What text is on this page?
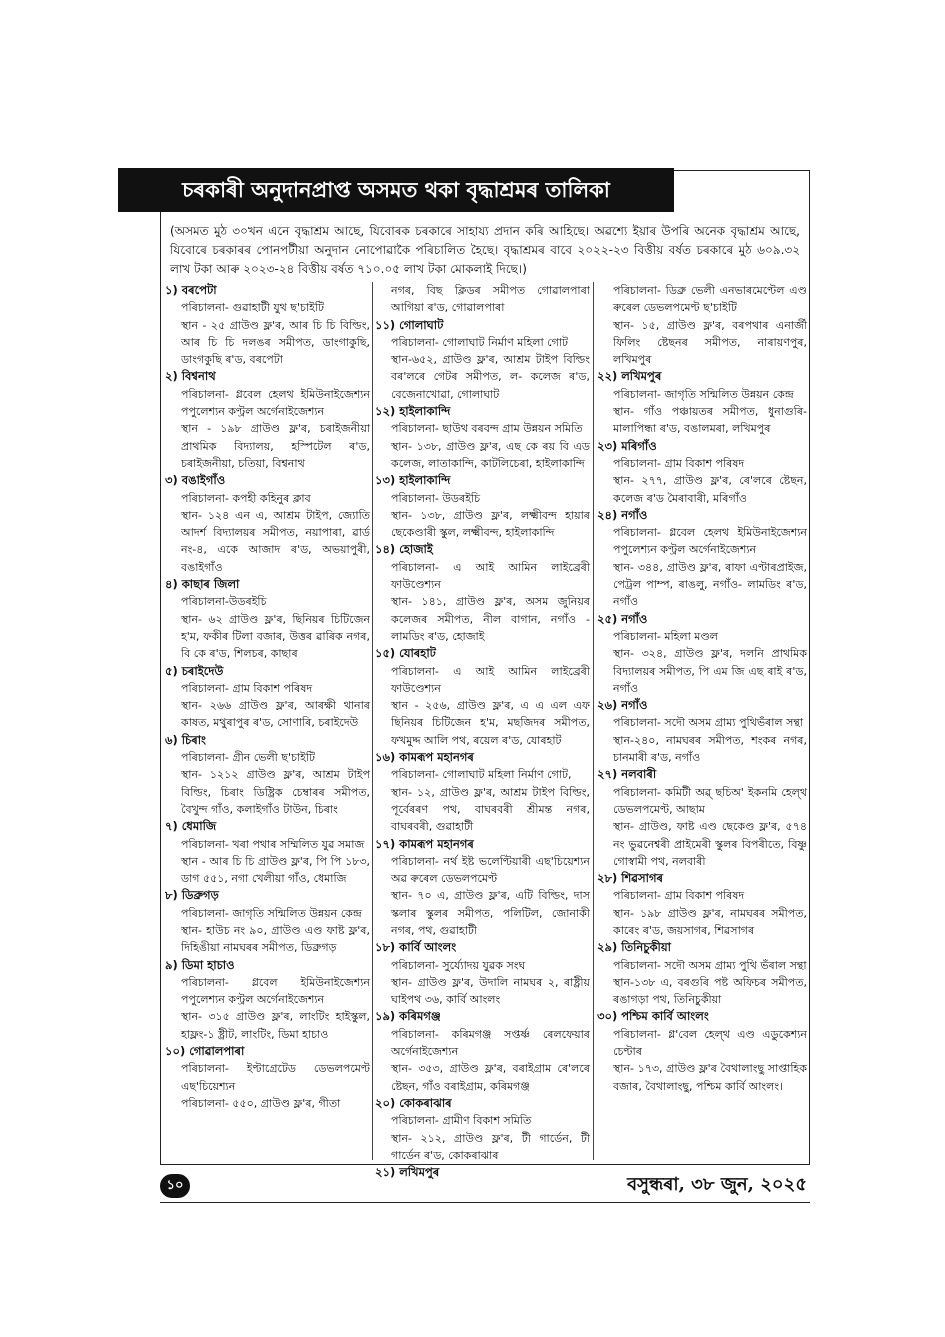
চৰকাৰী অনুদানপ্ৰাপ্ত অসমত থকা বৃদ্ধাশ্ৰমৰ তালিকা
(অসমত মুঠ ৩০খন এনে বৃদ্ধাশ্ৰম আছে, যিবোৰক চৰকাৰে সাহায্য প্ৰদান কৰি আহিছে। অৱশ্যে ইয়াৰ উপৰি অনেক বৃদ্ধাশ্ৰম আছে, যিবোৰে চৰকাৰৰ পোনপটীয়া অনুদান নোপোৱাকৈ পৰিচালিত হৈছে। বৃদ্ধাশ্ৰমৰ বাবে ২০২২-২৩ বিত্তীয় বৰ্ষত চৰকাৰে মুঠ ৬০৯.৩২ লাখ টকা আৰু ২০২৩-২৪ বিত্তীয় বৰ্ষত ৭১০.০৫ লাখ টকা মোকলাই দিছে।)
১) বৰপেটা
পৰিচালনা- গুৱাহাটী যুথ ছ'চাইটি
স্থান - ২৫ গ্ৰাউণ্ড ফ্ল'ৰ, আৰ চি চি বিল্ডিং, আৰ চি চি দলঙৰ সমীপত, ডাংগাকুছি, ডাংগকুছি ৰ'ড, বৰপেটা
২) বিশ্বনাথ
পৰিচালনা- গ্লবেল হেলথ ইমিউনাইজেশ্যন পপুলেশ্যন কণ্ট্ৰল অৰ্গেনাইজেশ্যন
স্থান - ১৯৮ গ্ৰাউণ্ড ফ্ল'ৰ, চৰাইজনীয়া প্ৰাথমিক বিদ্যালয়, হস্পিটেল ৰ'ড, চৰাইজনীয়া, চতিয়া, বিশ্বনাথ
৩) বঙাইগাঁও
পৰিচালনা- কপহী কহিনুৰ ক্লাব
স্থান- ১২৪ এন এ, আশ্ৰম টাইপ, জ্যোতি আদৰ্শ বিদ্যালয়ৰ সমীপত, নয়াপাৰা, ৱাৰ্ড নং-৪, একে আজাদ ৰ'ড, অভয়াপুৰী, বঙাইগাঁও
৪) কাছাৰ জিলা
পৰিচালনা-উডৰইচি
স্থান- ৬২ গ্ৰাউণ্ড ফ্ল'ৰ, ছিনিয়ৰ চিটিজেন হ'ম, ফকীৰ টিলা বজাৰ, উত্তৰ ৱাৰিক নগৰ, বি কে ৰ'ড, শিলচৰ, কাছাৰ
৫) চৰাইদেউ
পৰিচালনা- গ্ৰাম বিকাশ পৰিষদ
স্থান- ২৬৬ গ্ৰাউণ্ড ফ্ল'ৰ, আৰক্ষী থানাৰ কাষত, মথুৰাপুৰ ৰ'ড, সোণাৰি, চৰাইদেউ
৬) চিৰাং
পৰিচালনা- গ্ৰীন ভেলী ছ'চাইটি
স্থান- ১২১২ গ্ৰাউণ্ড ফ্ল'ৰ, আশ্ৰম টাইপ বিল্ডিং, চিৰাং ডিষ্ট্ৰিক চেম্বাৰৰ সমীপত, বৈখুন্দ গাঁও, কলাইগাঁও টাউন, চিৰাং
৭) ধেমাজি
পৰিচালনা- খৰা পথাৰ সম্মিলিত যুৱ সমাজ
স্থান - আৰ চি চি গ্ৰাউণ্ড ফ্ল'ৰ, পি পি ১৮৩, ডাগ ৫৫১, নগা খেলীয়া গাঁও, ধেমাজি
৮) ডিব্ৰুগড়
পৰিচালনা- জাগৃতি সন্মিলিত উন্নয়ন কেন্দ্ৰ
স্থান- হাউচ নং ৯০, গ্ৰাউণ্ড এণ্ড ফাষ্ট ফ্ল'ৰ, দিহিঙীয়া নামঘৰৰ সমীপত, ডিব্ৰুগড়
৯) ডিমা হাচাও
পৰিচালনা- গ্লবেল ইমিউনাইজেশ্যন পপুলেশ্যন কণ্ট্ৰল অৰ্গেনাইজেশ্যন
স্থান- ৩১৫ গ্ৰাউণ্ড ফ্ল'ৰ, লাংটিং হাইস্কুল, হাফ্লং-১ ষ্ট্ৰীট, লাংটিং, ডিমা হাচাও
১০) গোৱালপাৰা
পৰিচালনা- ইণ্টাগ্ৰেটেড ডেভলপমেণ্ট এছ'চিয়েশ্যন
পৰিচালনা- ৫৫০, গ্ৰাউণ্ড ফ্ল'ৰ, গীতা
নগৰ, বিছ ক্লিডৰ সমীপত গোৱালপাৰা আগিয়া ৰ'ড, গোৱালপাৰা
১১) গোলাঘাট
পৰিচালনা- গোলাঘাট নিৰ্মাণ মহিলা গোট
স্থান-৬৫২, গ্ৰাউণ্ড ফ্ল'ৰ, আশ্ৰম টাইপ বিল্ডিং বৰ'লৰে গেটৰ সমীপত, ল- কলেজ ৰ'ড, বেজেনাখোৱা, গোলাঘাট
১২) হাইলাকান্দি
পৰিচালনা- ছাউথ বৰবন্দ গ্ৰাম উন্নয়ন সমিতি
স্থান- ১৩৮, গ্ৰাউণ্ড ফ্ল'ৰ, এছ কে ৰয় বি এড কলেজ, লাতাকান্দি, কাটলিচেৰা, হাইলাকান্দি
১৩) হাইলাকান্দি
পৰিচালনা- উডৰইচি
স্থান- ১৩৮, গ্ৰাউণ্ড ফ্ল'ৰ, লক্ষ্মীবন্দ হায়াৰ ছেকেণ্ডাৰী স্কুল, লক্ষ্মীবন্দ, হাইলাকান্দি
১৪) হোজাই
পৰিচালনা- এ আই আমিন লাইব্ৰেৰী ফাউণ্ডেশ্যন
স্থান- ১৪১, গ্ৰাউণ্ড ফ্ল'ৰ, অসম জুনিয়ৰ কলেজৰ সমীপত, নীল বাগান, নগাঁও - লামডিং ৰ'ড, হোজাই
১৫) যোৰহাট
পৰিচালনা- এ আই আমিন লাইব্ৰেৰী ফাউণ্ডেশ্যন
স্থান - ২৫৬, গ্ৰাউণ্ড ফ্ল'ৰ, এ এ এল এফ ছিনিয়ৰ চিটিজেন হ'ম, মছজিদৰ সমীপত, ফখমুদ্দ আলি পথ, ৰয়েল ৰ'ড, যোৰহাট
১৬) কামৰূপ মহানগৰ
পৰিচালনা- গোলাঘাট মহিলা নিৰ্মাণ গোট,
স্থান- ১২, গ্ৰাউণ্ড ফ্ল'ৰ, আশ্ৰম টাইপ বিল্ডিং, পূৰ্বেৰৰণ পথ, বাঘৰবৰী শ্ৰীমন্ত নগৰ, বাঘৰবৰী, গুৱাহাটী
১৭) কামৰূপ মহানগৰ
পৰিচালনা- নৰ্থ ইষ্ট ভলেণ্টিয়াৰী এছ'চিয়েশ্যন অৱ ৰুৰেল ডেভলপমেণ্ট
স্থান- ৭০ এ, গ্ৰাউণ্ড ফ্ল'ৰ, এটি বিল্ডিং, দাস স্কলাৰ স্কুলৰ সমীপত, পলিটিল, জোনাকী নগৰ, পথ, গুৱাহাটী
১৮) কাৰ্বি আংলং
পৰিচালনা- সুৰ্য্যোদয় যুৱক সংঘ
স্থান- গ্ৰাউণ্ড ফ্ল'ৰ, উদালি নামঘৰ ২, ৰাষ্ট্ৰীয় ঘাইপথ ৩৬, কাৰ্বি আংলং
১৯) কৰিমগঞ্জ
পৰিচালনা- কৰিমগঞ্জ সপ্তৰ্ষ্ণ ৰেলফেয়াৰ অৰ্গেনাইজেশ্যন
স্থান- ৩৫৩, গ্ৰাউণ্ড ফ্ল'ৰ, বৰাইগ্ৰাম ৰে'লৰে ষ্টেছন, গাঁও বৰাইগ্ৰাম, কৰিমগঞ্জ
২০) কোকৰাঝাৰ
পৰিচালনা- গ্ৰামীণ বিকাশ সমিতি
স্থান- ২১২, গ্ৰাউণ্ড ফ্ল'ৰ, টী গাৰ্ডেন, টী গাৰ্ডেন ৰ'ড, কোকৰাঝাৰ
২১) লখিমপুৰ
পৰিচালনা- ডিব্ৰু ভেলী এনভাৰমেণ্টেল এণ্ড ৰুৰেল ডেভলপমেণ্ট ছ'চাইটি
স্থান- ১৫, গ্ৰাউণ্ড ফ্ল'ৰ, বৰপথাৰ এনাৰ্জী ফিলিং ষ্টেছনৰ সমীপত, নাৰায়ণপুৰ, লখিমপুৰ
২২) লখিমপুৰ
পৰিচালনা- জাগৃতি সন্মিলিত উন্নয়ন কেন্দ্ৰ
স্থান- গাঁও পঞ্চায়তৰ সমীপত, ধুনাগুৰি-মালাপিন্ধা ৰ'ড, বঙালমৰা, লখিমপুৰ
২৩) মৰিগাঁও
পৰিচালনা- গ্ৰাম বিকাশ পৰিষদ
স্থান- ২৭৭, গ্ৰাউণ্ড ফ্ল'ৰ, ৰে'লৰে ষ্টেছন, কলেজ ৰ'ড মৈৰাবাৰী, মৰিগাঁও
২৪) নগাঁও
পৰিচালনা- গ্লবেল হেলথ ইমিউনাইজেশ্যন পপুলেশ্যন কণ্ট্ৰল অৰ্গেনাইজেশ্যন
স্থান- ৩৪৪, গ্ৰাউণ্ড ফ্ল'ৰ, ৰাফা এণ্টাৰপ্ৰাইজ, পেট্ৰল পাম্প, ৰাঙলু, নগাঁও- লামডিং ৰ'ড, নগাঁও
২৫) নগাঁও
পৰিচালনা- মহিলা মণ্ডল
স্থান- ৩২৪, গ্ৰাউণ্ড ফ্ল'ৰ, দলনি প্ৰাথমিক বিদ্যালয়ৰ সমীপত, পি এম জি এছ ৰাই ৰ'ড, নগাঁও
২৬) নগাঁও
পৰিচালনা- সদৌ অসম গ্ৰাম্য পুথিভঁৰাল সন্থা
স্থান-২৪০, নামঘৰৰ সমীপত, শংকৰ নগৰ, চানমাৰী ৰ'ড, নগাঁও
২৭) নলবাৰী
পৰিচালনা- কমিটী অৱ্ ছচিঅ' ইকনমি হেল্থ ডেভলপমেণ্ট, আছাম
স্থান- গ্ৰাউণ্ড, ফাষ্ট এণ্ড ছেকেণ্ড ফ্ল'ৰ, ৫৭৪ নং ভুৱনেশ্বৰী প্ৰাইমেৰী স্কুলৰ বিপৰীতে, বিষ্ণু গোস্বামী পথ, নলবাৰী
২৮) শিৱসাগৰ
পৰিচালনা- গ্ৰাম বিকাশ পৰিষদ
স্থান- ১৯৮ গ্ৰাউণ্ড ফ্ল'ৰ, নামঘৰৰ সমীপত, কাৰেং ৰ'ড, জয়সাগৰ, শিৱসাগৰ
২৯) তিনিচুকীয়া
পৰিচালনা- সদৌ অসম গ্ৰাম্য পুথি ভঁৰাল সন্থা
স্থান-১৩৮ এ, বৰগুৰি পষ্ট অফিচৰ সমীপত, ৰঙাগড়া পথ, তিনিচুকীয়া
৩০) পশ্চিম কাৰ্বি আংলং
পৰিচালনা- গ্ল'বেল হেল্থ এণ্ড এডুকেশ্যন চেণ্টাৰ
স্থান- ১৭৩, গ্ৰাউণ্ড ফ্ল'ৰ বৈথালাংছু সাপ্তাহিক বজাৰ, বৈথালাংছু, পশ্চিম কাৰ্বি আংলং।
১০	বসুন্ধৰা, ৩৮ জুন, ২০২৫
